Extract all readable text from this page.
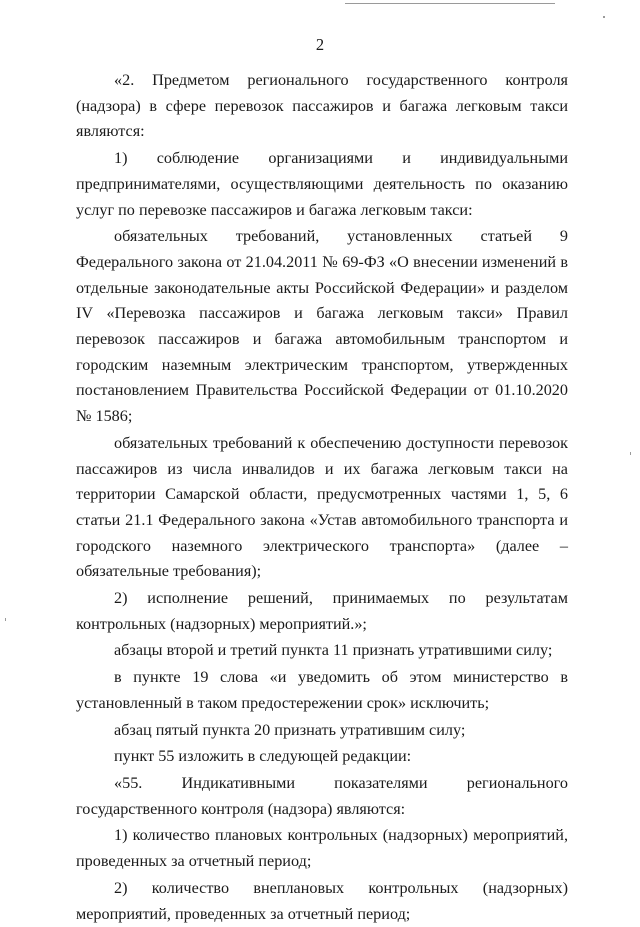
2

«2. Предметом регионального государственного контроля (надзора) в сфере перевозок пассажиров и багажа легковым такси являются:

1) соблюдение организациями и индивидуальными предпринимателями, осуществляющими деятельность по оказанию услуг по перевозке пассажиров и багажа легковым такси:

обязательных требований, установленных статьей 9 Федерального закона от 21.04.2011 № 69-ФЗ «О внесении изменений в отдельные законодательные акты Российской Федерации» и разделом IV «Перевозка пассажиров и багажа легковым такси» Правил перевозок пассажиров и багажа автомобильным транспортом и городским наземным электрическим транспортом, утвержденных постановлением Правительства Российской Федерации от 01.10.2020 № 1586;

обязательных требований к обеспечению доступности перевозок пассажиров из числа инвалидов и их багажа легковым такси на территории Самарской области, предусмотренных частями 1, 5, 6 статьи 21.1 Федерального закона «Устав автомобильного транспорта и городского наземного электрического транспорта» (далее – обязательные требования);

2) исполнение решений, принимаемых по результатам контрольных (надзорных) мероприятий.»;

абзацы второй и третий пункта 11 признать утратившими силу;

в пункте 19 слова «и уведомить об этом министерство в установленный в таком предостережении срок» исключить;

абзац пятый пункта 20 признать утратившим силу;

пункт 55 изложить в следующей редакции:

«55. Индикативными показателями регионального государственного контроля (надзора) являются:

1) количество плановых контрольных (надзорных) мероприятий, проведенных за отчетный период;

2) количество внеплановых контрольных (надзорных) мероприятий, проведенных за отчетный период;
